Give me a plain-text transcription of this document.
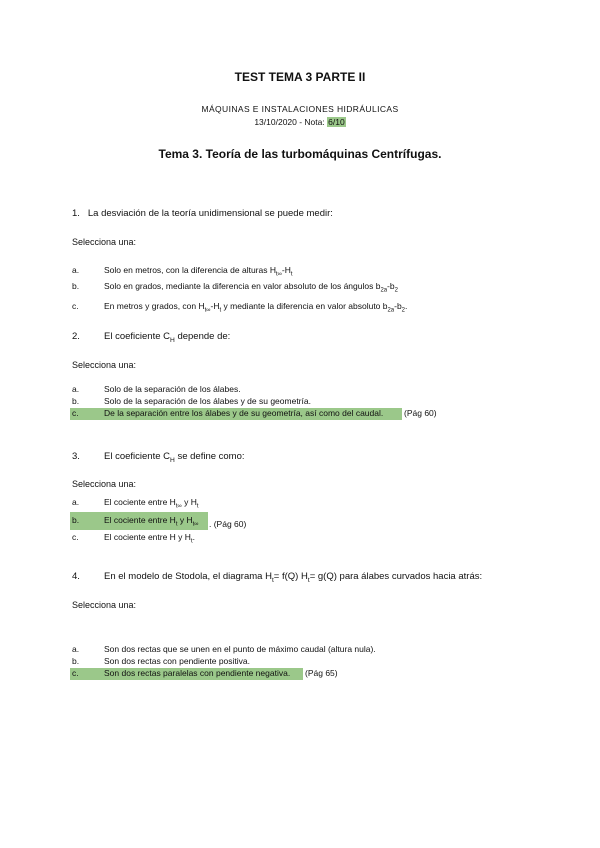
TEST TEMA 3 PARTE II
MÁQUINAS E INSTALACIONES HIDRÁULICAS
13/10/2020 - Nota: 6/10
Tema 3. Teoría de las turbomáquinas Centrífugas.
1. La desviación de la teoría unidimensional se puede medir:
Selecciona una:
a.	Solo en metros, con la diferencia de alturas $H_{t\infty}-H_t$
b.	Solo en grados, mediante la diferencia en valor absoluto de los ángulos $b_{2a}-b_2$
c.	En metros y grados, con $H_{t\infty}-H_t$ y mediante la diferencia en valor absoluto $b_{2a}-b_2$.
2.	El coeficiente $C_H$ depende de:
Selecciona una:
a.	Solo de la separación de los álabes.
b.	Solo de la separación de los álabes y de su geometría.
c.	De la separación entre los álabes y de su geometría, así como del caudal. (Pág 60)
3.	El coeficiente $C_H$ se define como:
Selecciona una:
a.	El cociente entre $H_{t\infty}$ y $H_t$
b.	El cociente entre $H_t$ y $H_{t\infty}$ . (Pág 60)
c.	El cociente entre H y $H_t$.
4.	En el modelo de Stodola, el diagrama $H_t= f(Q)$ $H_t= g(Q)$ para álabes curvados hacia atrás:
Selecciona una:
a.	Son dos rectas que se unen en el punto de máximo caudal (altura nula).
b.	Son dos rectas con pendiente positiva.
c.	Son dos rectas paralelas con pendiente negativa. (Pág 65)
